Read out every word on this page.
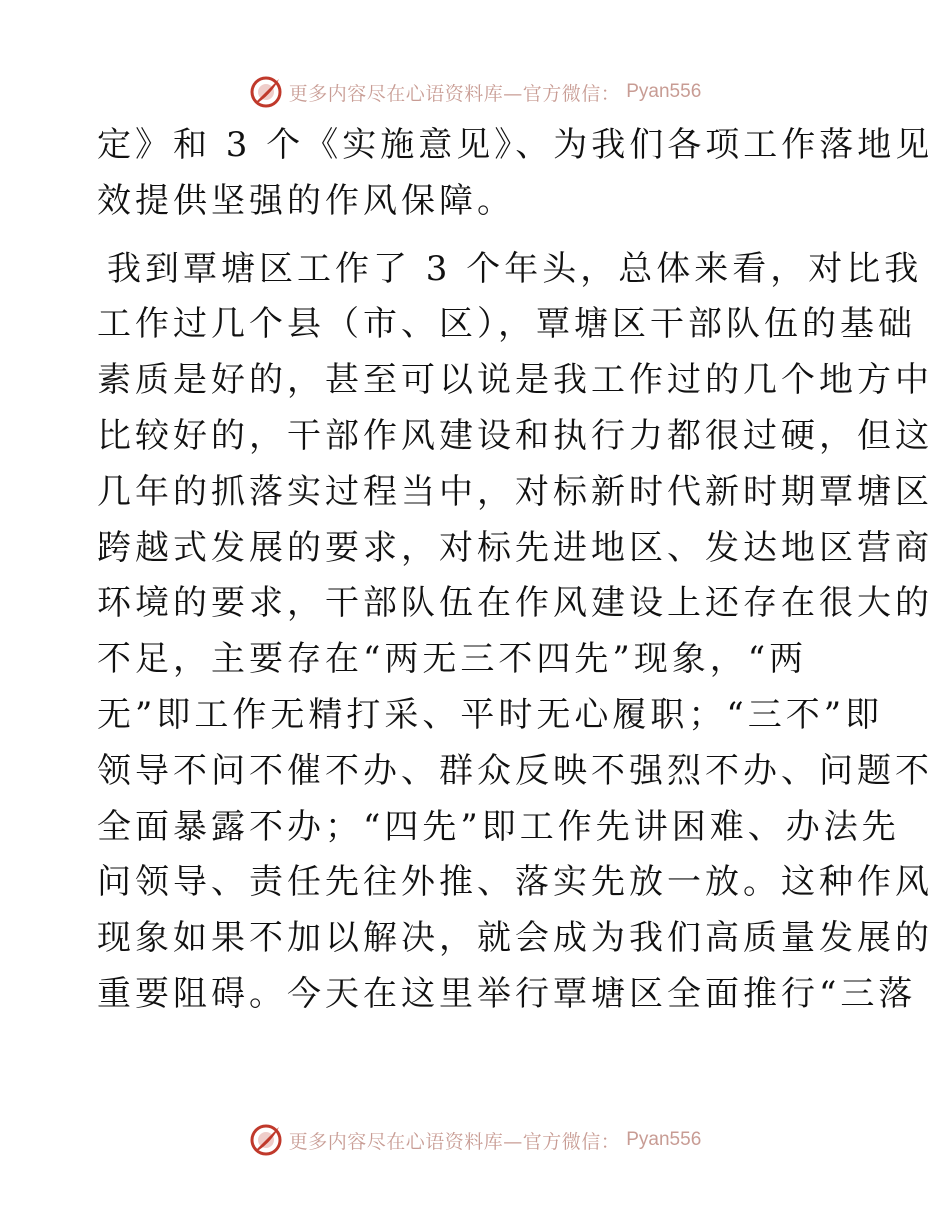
更多内容尽在心语资料库—官方微信： Pyan556

定》和 3 个《实施意见》、为我们各项工作落地见
效提供坚强的作风保障。

我到覃塘区工作了 3 个年头，总体来看，对比我
工作过几个县（市、区），覃塘区干部队伍的基础
素质是好的，甚至可以说是我工作过的几个地方中
比较好的，干部作风建设和执行力都很过硬，但这
几年的抓落实过程当中，对标新时代新时期覃塘区
跨越式发展的要求，对标先进地区、发达地区营商
环境的要求，干部队伍在作风建设上还存在很大的
不足，主要存在“两无三不四先”现象，“两
无”即工作无精打采、平时无心履职；“三不”即
领导不问不催不办、群众反映不强烈不办、问题不
全面暴露不办；“四先”即工作先讲困难、办法先
问领导、责任先往外推、落实先放一放。这种作风
现象如果不加以解决，就会成为我们高质量发展的
重要阻碍。今天在这里举行覃塘区全面推行“三落

更多内容尽在心语资料库—官方微信： Pyan556
